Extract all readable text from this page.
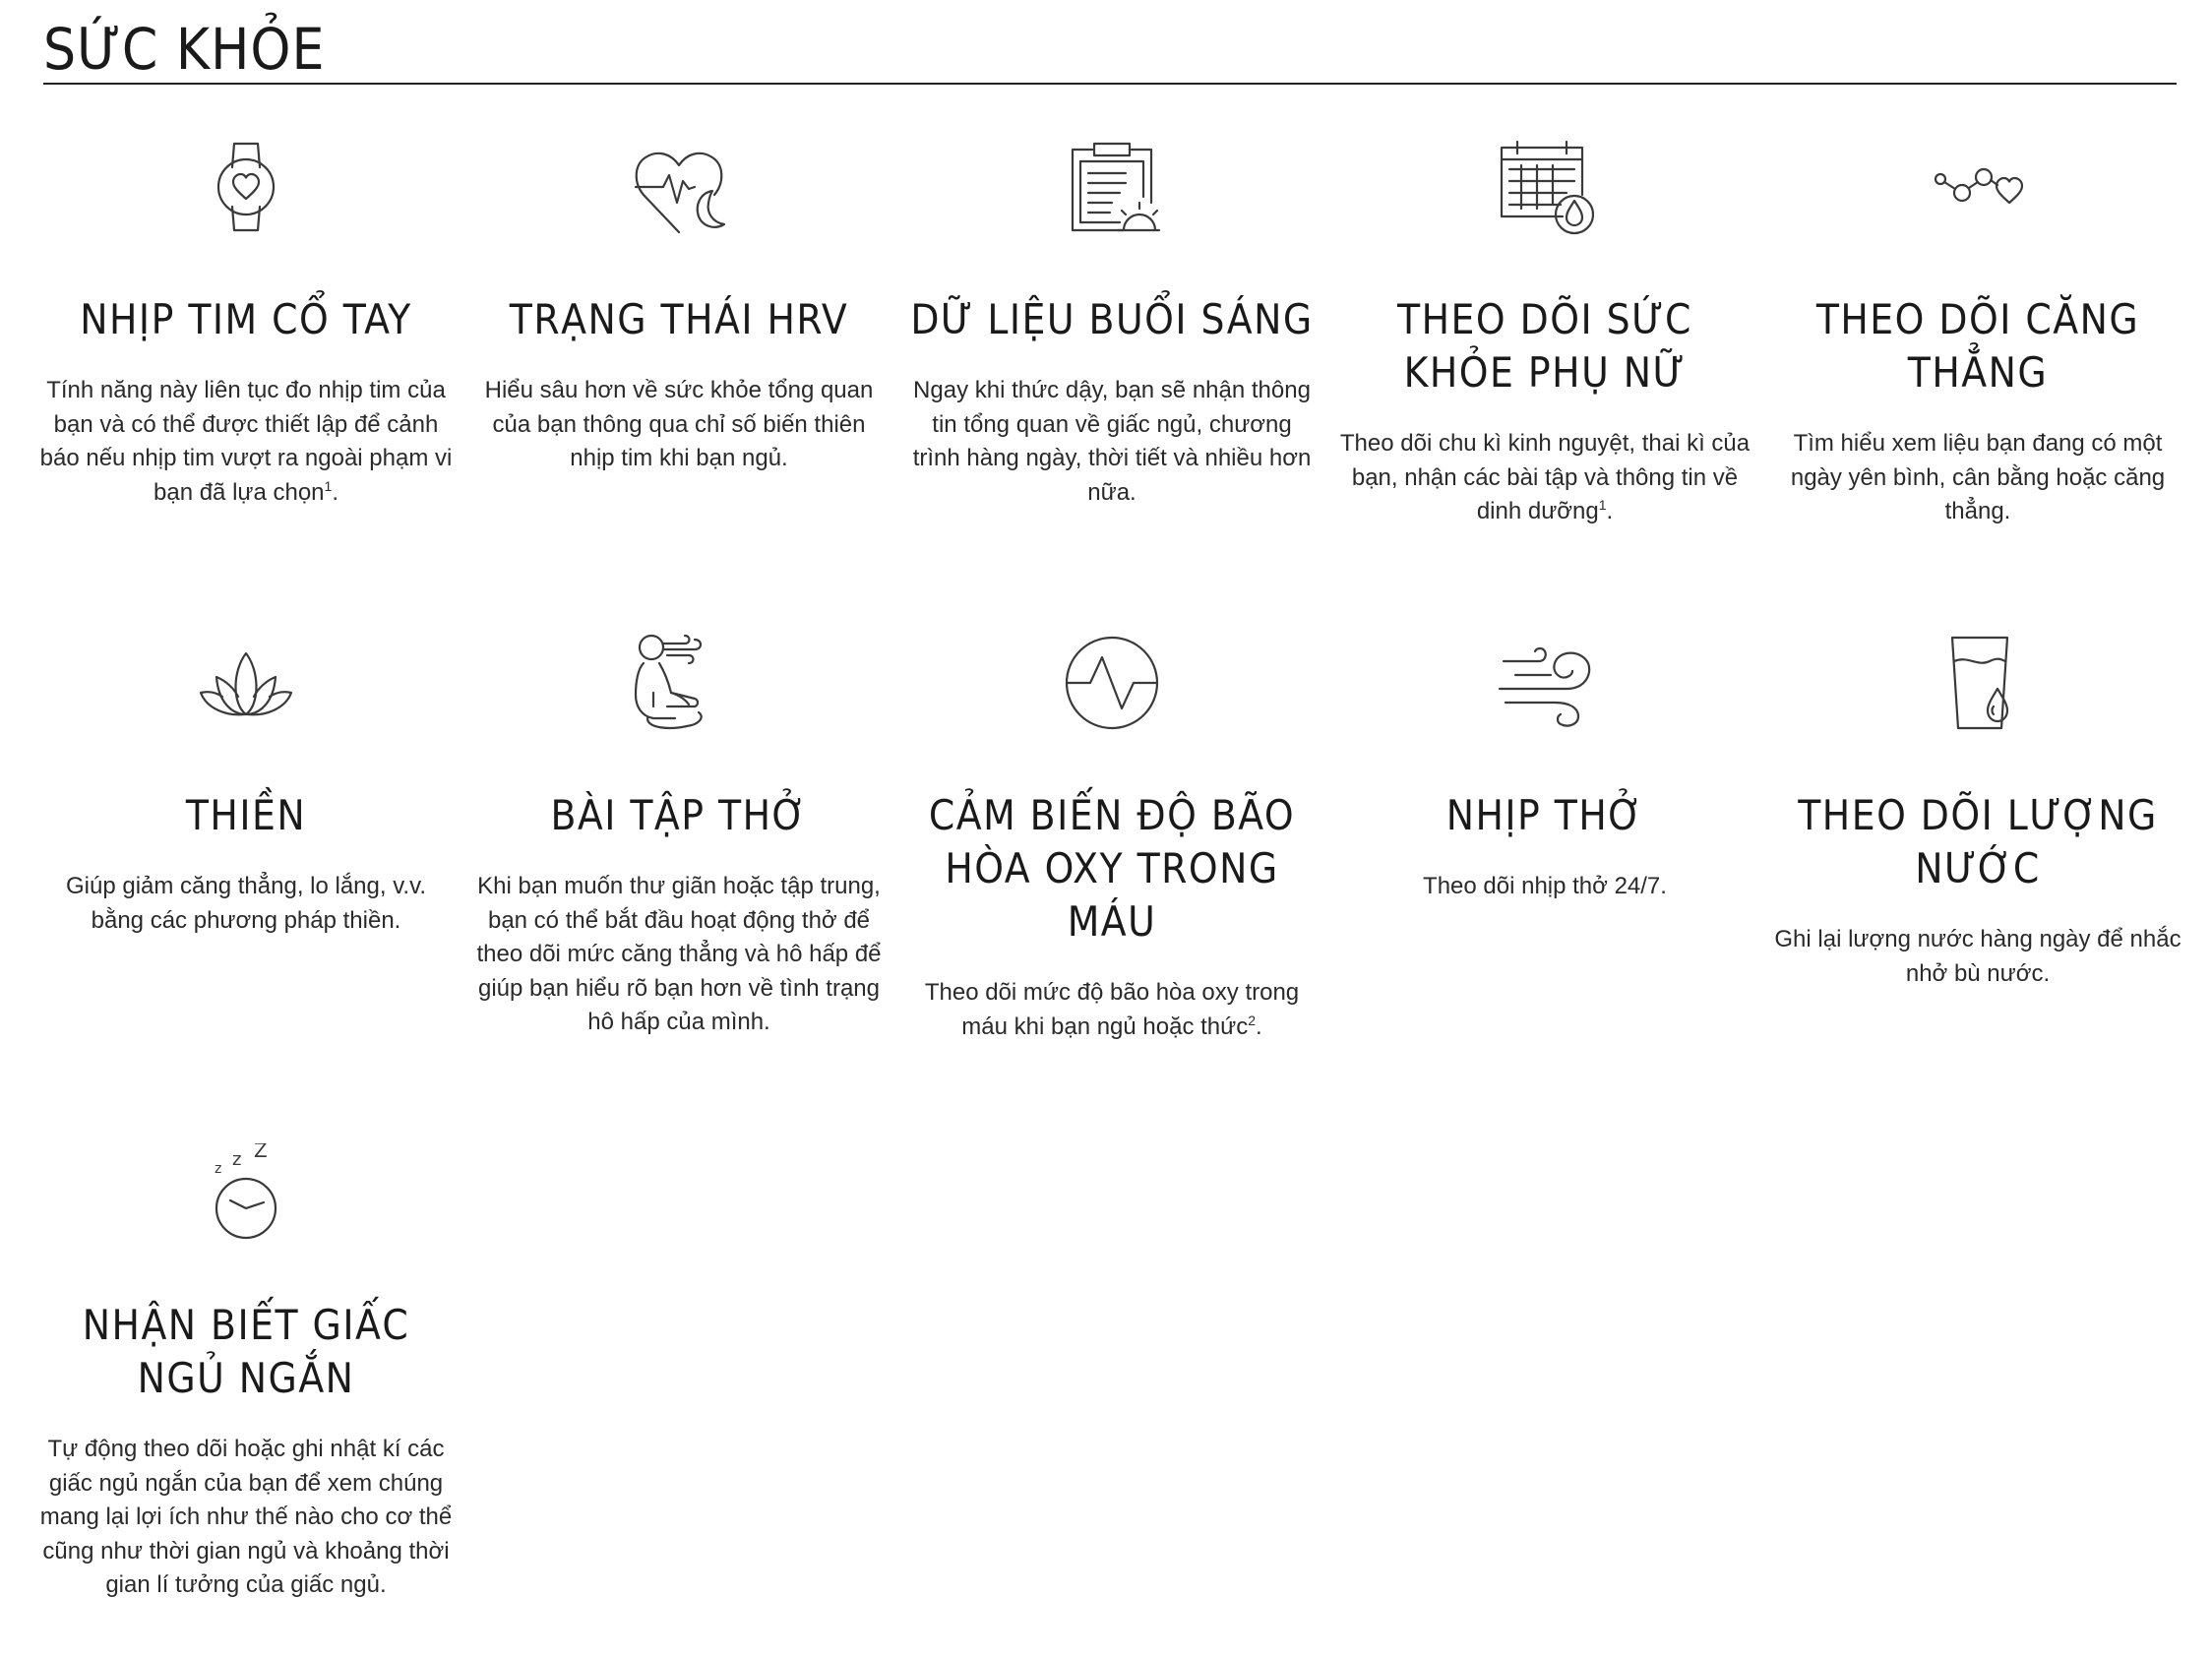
SỨC KHỎE
NHỊP TIM CỔ TAY

Tính năng này liên tục đo nhịp tim của bạn và có thể được thiết lập để cảnh báo nếu nhịp tim vượt ra ngoài phạm vi bạn đã lựa chọn$^1$.

TRẠNG THÁI HRV

Hiểu sâu hơn về sức khỏe tổng quan của bạn thông qua chỉ số biến thiên nhịp tim khi bạn ngủ.

DỮ LIỆU BUỔI SÁNG

Ngay khi thức dậy, bạn sẽ nhận thông tin tổng quan về giấc ngủ, chương trình hàng ngày, thời tiết và nhiều hơn nữa.

THEO DÕI SỨC KHỎE PHỤ NỮ

Theo dõi chu kì kinh nguyệt, thai kì của bạn, nhận các bài tập và thông tin về dinh dưỡng$^1$.

THEO DÕI CĂNG THẲNG

Tìm hiểu xem liệu bạn đang có một ngày yên bình, cân bằng hoặc căng thẳng.

THIỀN

Giúp giảm căng thẳng, lo lắng, v.v. bằng các phương pháp thiền.

BÀI TẬP THỞ

Khi bạn muốn thư giãn hoặc tập trung, bạn có thể bắt đầu hoạt động thở để theo dõi mức căng thẳng và hô hấp để giúp bạn hiểu rõ bạn hơn về tình trạng hô hấp của mình.

CẢM BIẾN ĐỘ BÃO HÒA OXY TRONG MÁU

Theo dõi mức độ bão hòa oxy trong máu khi bạn ngủ hoặc thức$^2$.

NHỊP THỞ

Theo dõi nhịp thở 24/7.

THEO DÕI LƯỢNG NƯỚC

Ghi lại lượng nước hàng ngày để nhắc nhở bù nước.

z z Z
NHẬN BIẾT GIẤC NGỦ NGẮN

Tự động theo dõi hoặc ghi nhật kí các giấc ngủ ngắn của bạn để xem chúng mang lại lợi ích như thế nào cho cơ thể cũng như thời gian ngủ và khoảng thời gian lí tưởng của giấc ngủ.
